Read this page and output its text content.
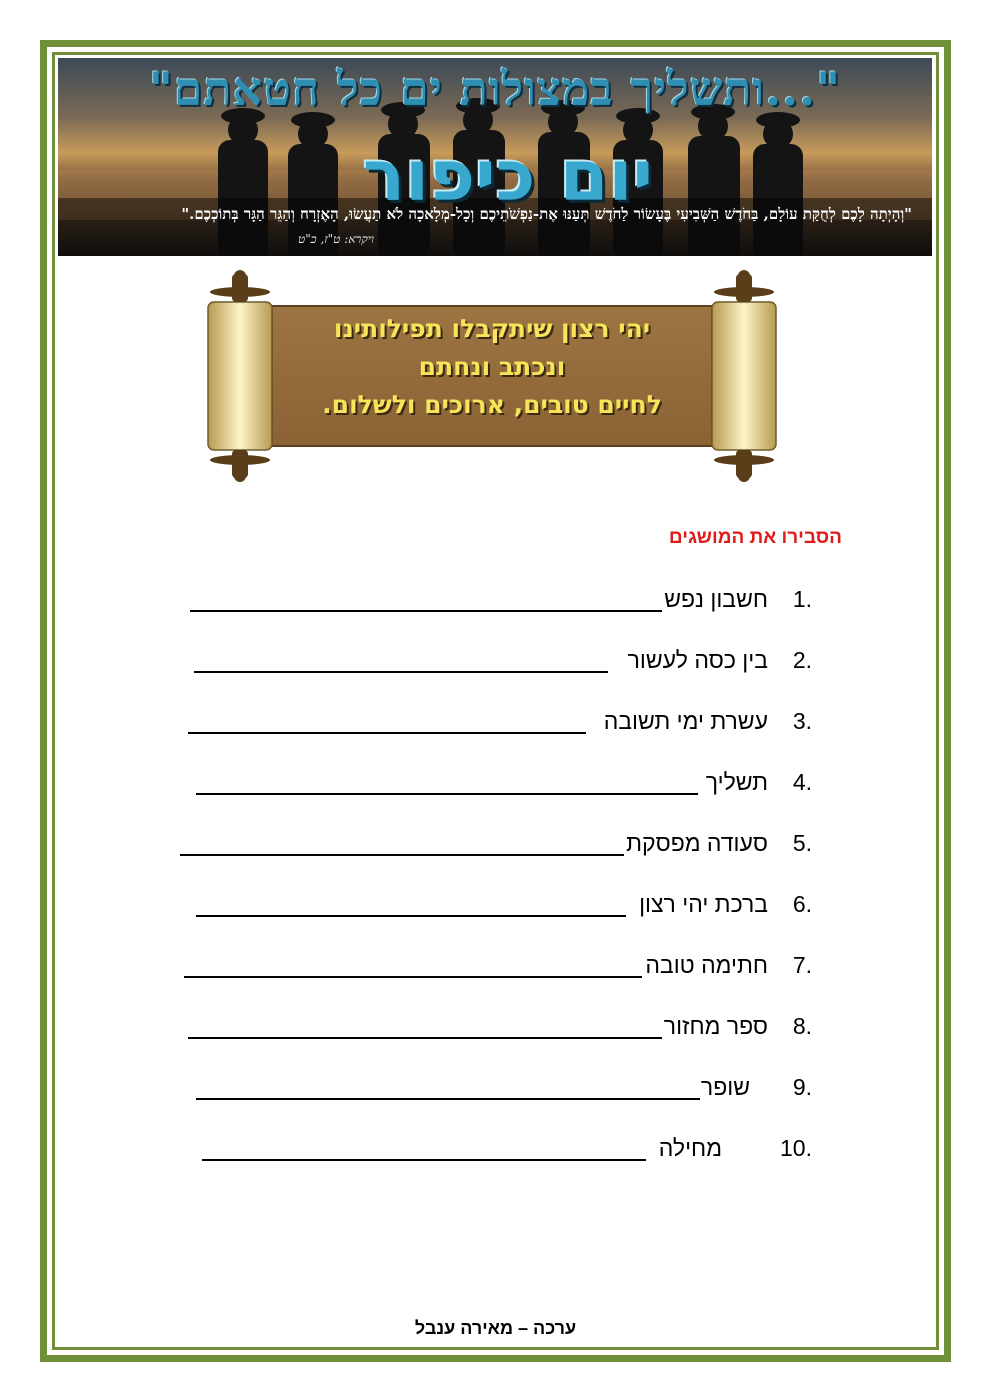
"...ותשליך במצולות ים כל חטאתם"
יום כיפור
"וְהָיְתָה לָכֶם לְחֻקַּת עוֹלָם, בַּחֹדֶשׁ הַשְּׁבִיעִי בֶּעָשׂוֹר לַחֹדֶשׁ תְּעַנּוּ אֶת-נַפְשֹׁתֵיכֶם וְכָל-מְלָאכָה לֹא תַעֲשׂוּ, הָאֶזְרָח וְהַגֵּר הַגָּר בְּתוֹכְכֶם."
ויקרא: ט"ז, כ"ט
יהי רצון שיתקבלו תפילותינו
ונכתב ונחתם
לחיים טובים, ארוכים ולשלום.
הסבירו את המושגים
1.
חשבון נפש
2.
בין כסה לעשור
3.
עשרת ימי תשובה
4.
תשליך
5.
סעודה מפסקת
6.
ברכת יהי רצון
7.
חתימה טובה
8.
ספר מחזור
9.
שופר
10.
מחילה
ערכה – מאירה ענבל
